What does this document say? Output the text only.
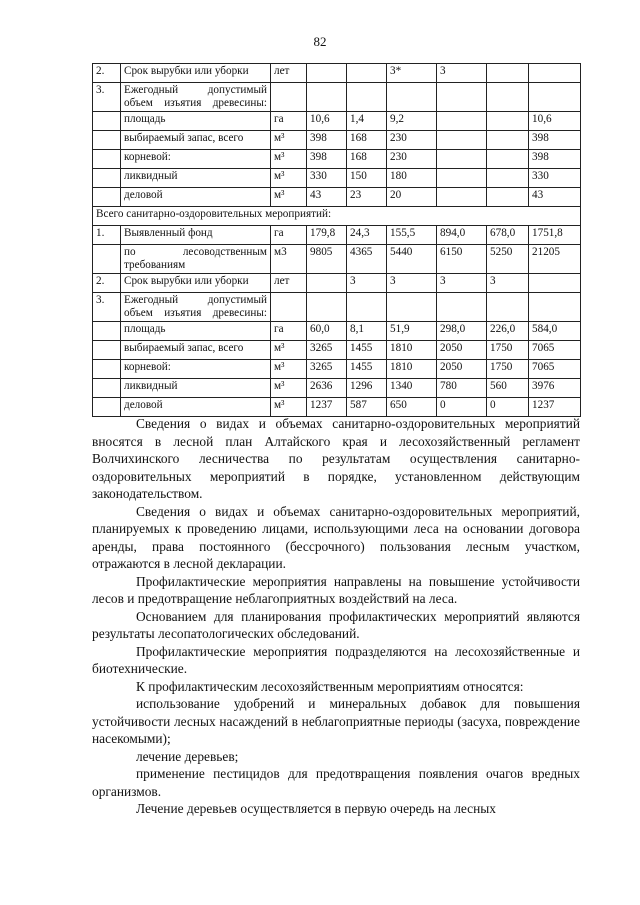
82
2.	Срок вырубки или уборки	лет			3*	3		
3.	Ежегодный допустимый объем изъятия древесины:							
	площадь	га	10,6	1,4	9,2			10,6
	выбираемый запас, всего	м³	398	168	230			398
	корневой:	м³	398	168	230			398
	ликвидный	м³	330	150	180			330
	деловой	м³	43	23	20			43
Всего санитарно-оздоровительных мероприятий:								
1.	Выявленный фонд	га	179,8	24,3	155,5	894,0	678,0	1751,8
	по лесоводственным требованиям	м3	9805	4365	5440	6150	5250	21205
2.	Срок вырубки или уборки	лет		3	3	3	3	
3.	Ежегодный допустимый объем изъятия древесины:							
	площадь	га	60,0	8,1	51,9	298,0	226,0	584,0
	выбираемый запас, всего	м³	3265	1455	1810	2050	1750	7065
	корневой:	м³	3265	1455	1810	2050	1750	7065
	ликвидный	м³	2636	1296	1340	780	560	3976
	деловой	м³	1237	587	650	0	0	1237

Сведения о видах и объемах санитарно-оздоровительных мероприятий вносятся в лесной план Алтайского края и лесохозяйственный регламент Волчихинского лесничества по результатам осуществления санитарно-оздоровительных мероприятий в порядке, установленном действующим законодательством.

Сведения о видах и объемах санитарно-оздоровительных мероприятий, планируемых к проведению лицами, использующими леса на основании договора аренды, права постоянного (бессрочного) пользования лесным участком, отражаются в лесной декларации.

Профилактические мероприятия направлены на повышение устойчивости лесов и предотвращение неблагоприятных воздействий на леса.

Основанием для планирования профилактических мероприятий являются результаты лесопатологических обследований.

Профилактические мероприятия подразделяются на лесохозяйственные и биотехнические.

К профилактическим лесохозяйственным мероприятиям относятся:

использование удобрений и минеральных добавок для повышения устойчивости лесных насаждений в неблагоприятные периоды (засуха, повреждение насекомыми);

лечение деревьев;

применение пестицидов для предотвращения появления очагов вредных организмов.

Лечение деревьев осуществляется в первую очередь на лесных
